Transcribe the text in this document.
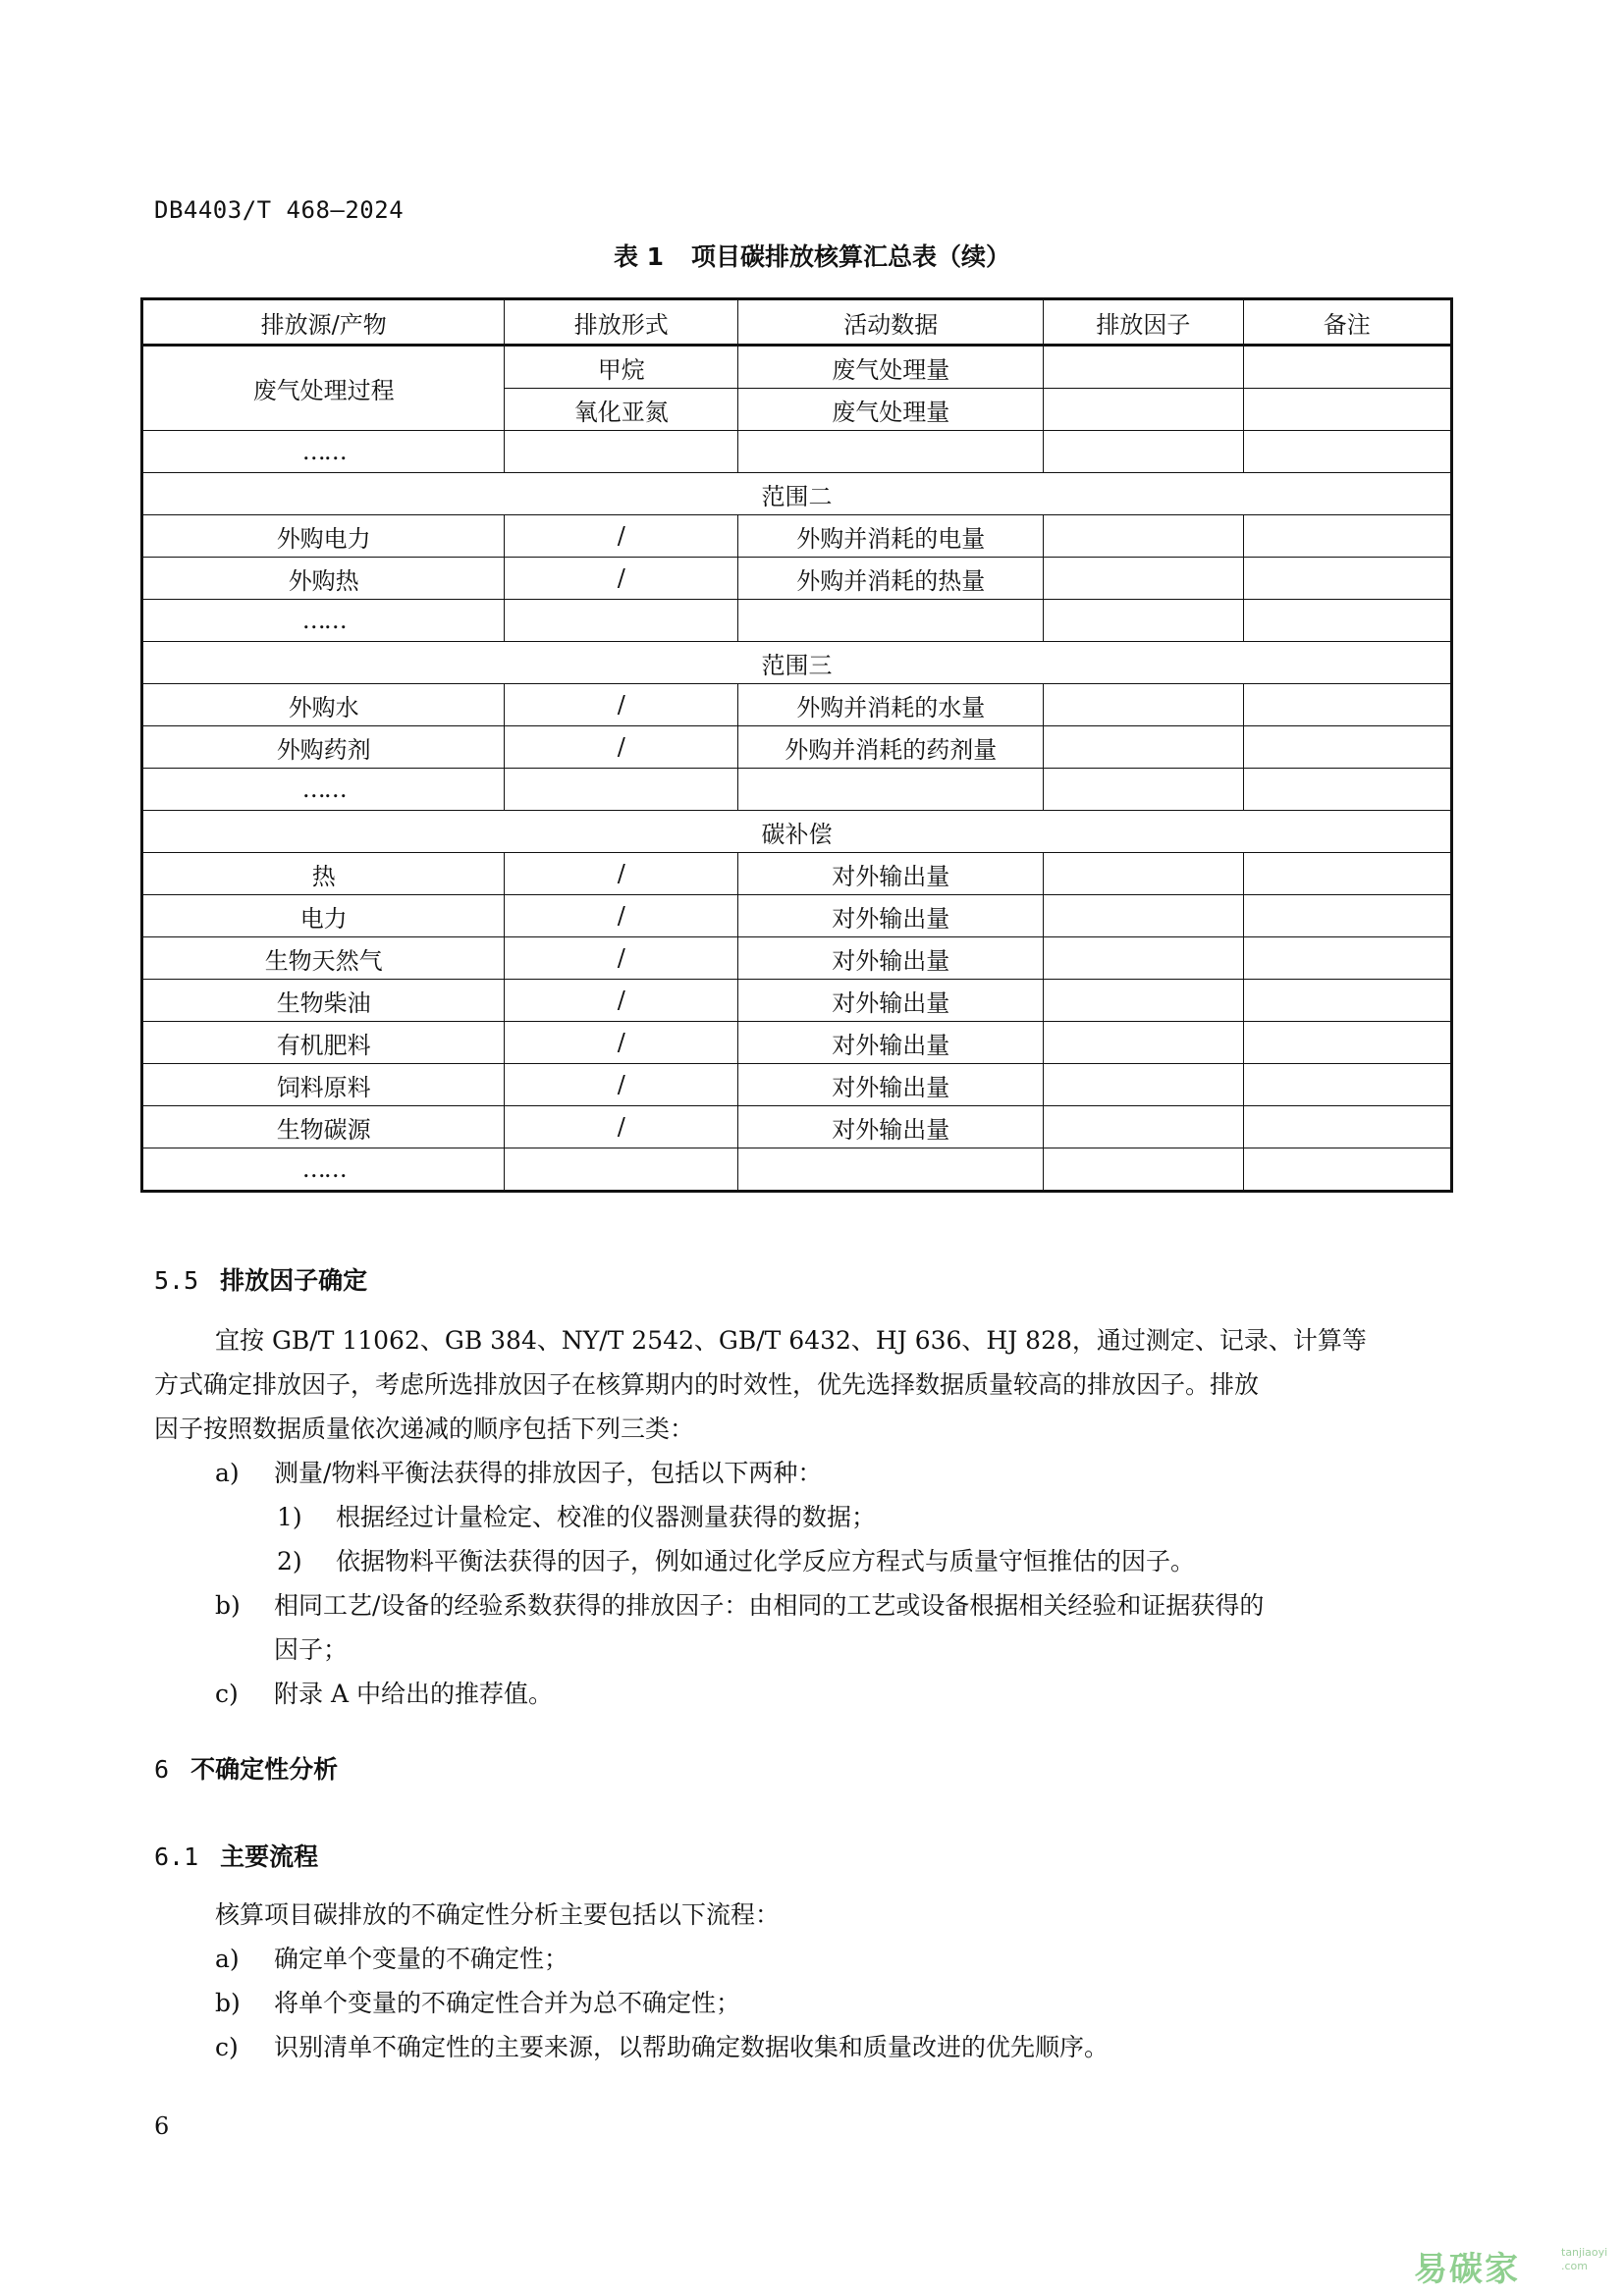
DB4403/T 468—2024
表 1 项目碳排放核算汇总表（续）
排放源/产物	排放形式	活动数据	排放因子	备注
废气处理过程	甲烷	废气处理量		
	氧化亚氮	废气处理量		
……				
范围二				
外购电力	/	外购并消耗的电量		
外购热	/	外购并消耗的热量		
……				
范围三				
外购水	/	外购并消耗的水量		
外购药剂	/	外购并消耗的药剂量		
……				
碳补偿				
热	/	对外输出量		
电力	/	对外输出量		
生物天然气	/	对外输出量		
生物柴油	/	对外输出量		
有机肥料	/	对外输出量		
饲料原料	/	对外输出量		
生物碳源	/	对外输出量		
……				
5.5 排放因子确定
宜按 GB/T 11062、GB 384、NY/T 2542、GB/T 6432、HJ 636、HJ 828，通过测定、记录、计算等
方式确定排放因子，考虑所选排放因子在核算期内的时效性，优先选择数据质量较高的排放因子。排放
因子按照数据质量依次递减的顺序包括下列三类：
a) 测量/物料平衡法获得的排放因子，包括以下两种：
1) 根据经过计量检定、校准的仪器测量获得的数据；
2) 依据物料平衡法获得的因子，例如通过化学反应方程式与质量守恒推估的因子。
b) 相同工艺/设备的经验系数获得的排放因子：由相同的工艺或设备根据相关经验和证据获得的
因子；
c) 附录 A 中给出的推荐值。
6 不确定性分析
6.1 主要流程
核算项目碳排放的不确定性分析主要包括以下流程：
a) 确定单个变量的不确定性；
b) 将单个变量的不确定性合并为总不确定性；
c) 识别清单不确定性的主要来源，以帮助确定数据收集和质量改进的优先顺序。
6
易碳家	tanjiaoyi
.com
